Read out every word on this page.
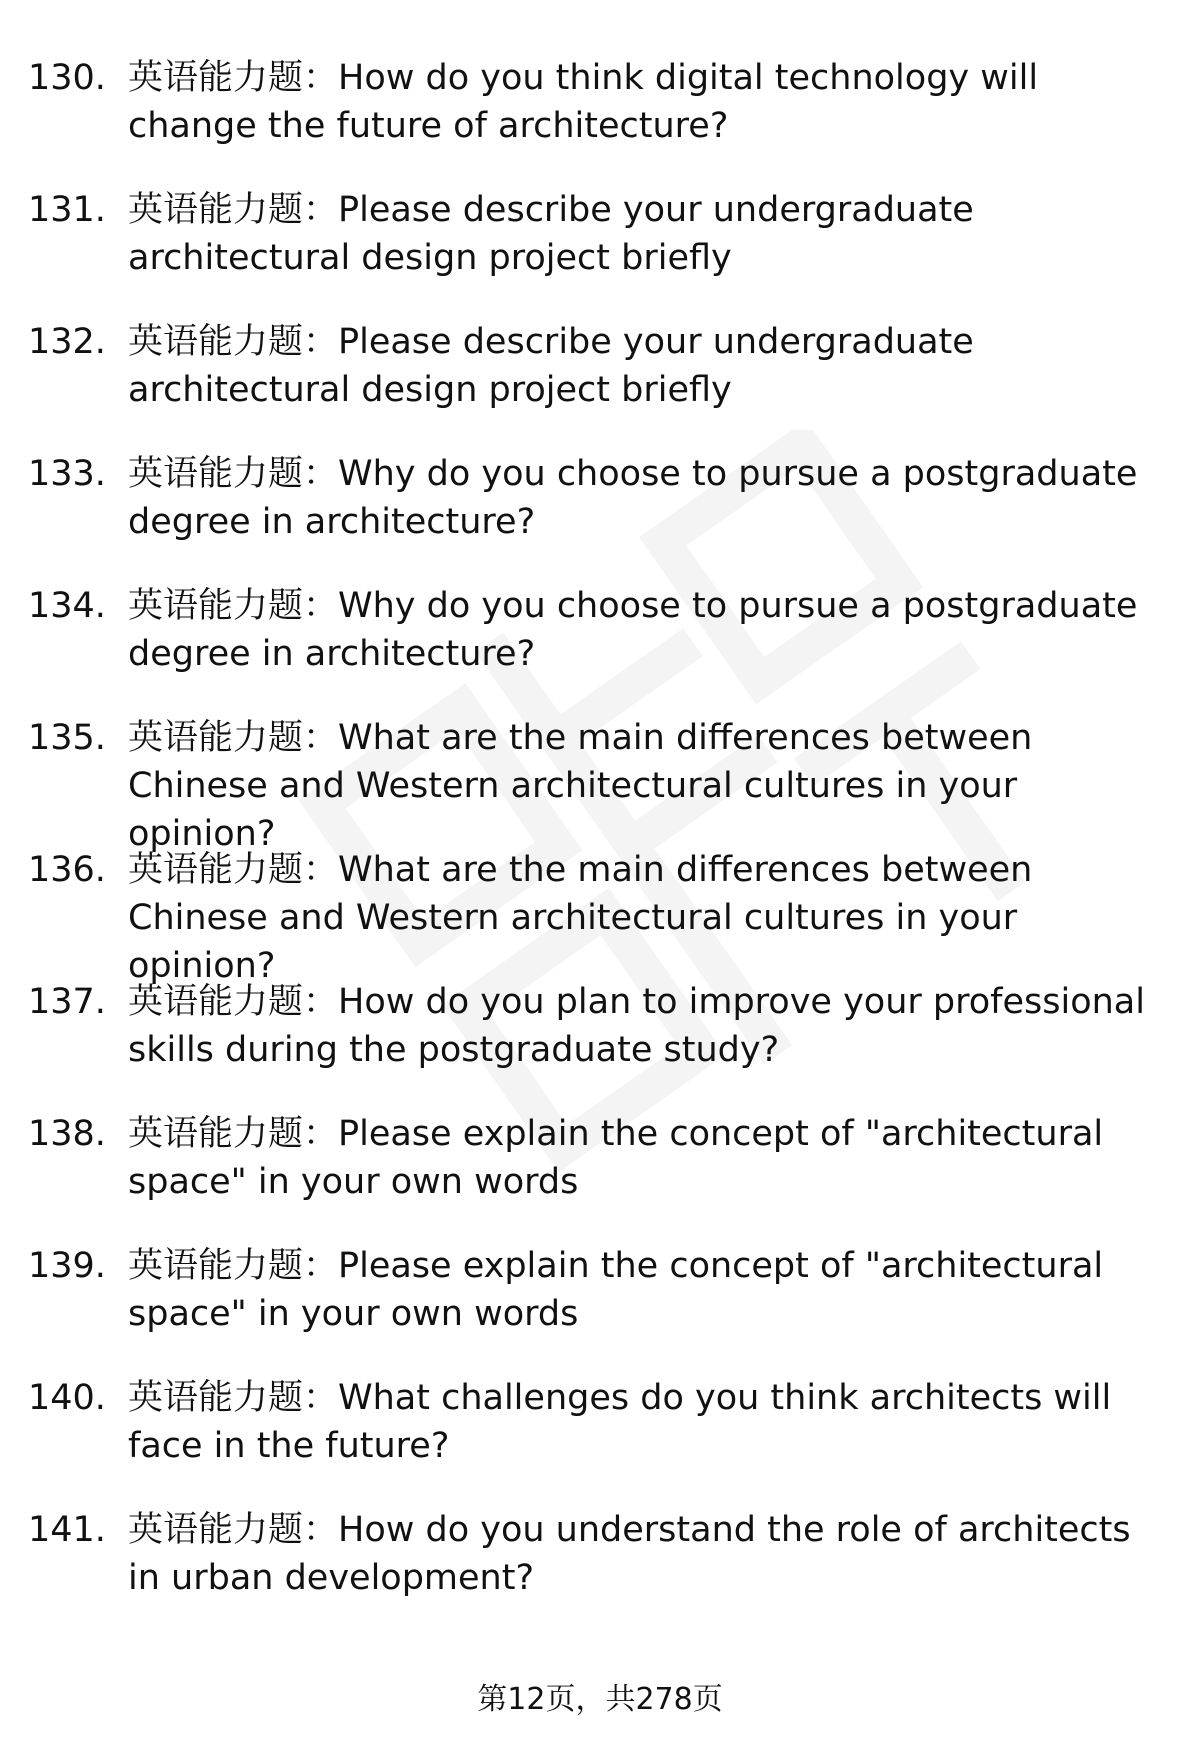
130. 英语能力题：How do you think digital technology will change the future of architecture?
131. 英语能力题：Please describe your undergraduate architectural design project briefly
132. 英语能力题：Please describe your undergraduate architectural design project briefly
133. 英语能力题：Why do you choose to pursue a postgraduate degree in architecture?
134. 英语能力题：Why do you choose to pursue a postgraduate degree in architecture?
135. 英语能力题：What are the main differences between Chinese and Western architectural cultures in your opinion?
136. 英语能力题：What are the main differences between Chinese and Western architectural cultures in your opinion?
137. 英语能力题：How do you plan to improve your professional skills during the postgraduate study?
138. 英语能力题：Please explain the concept of "architectural space" in your own words
139. 英语能力题：Please explain the concept of "architectural space" in your own words
140. 英语能力题：What challenges do you think architects will face in the future?
141. 英语能力题：How do you understand the role of architects in urban development?
第12页，共278页
